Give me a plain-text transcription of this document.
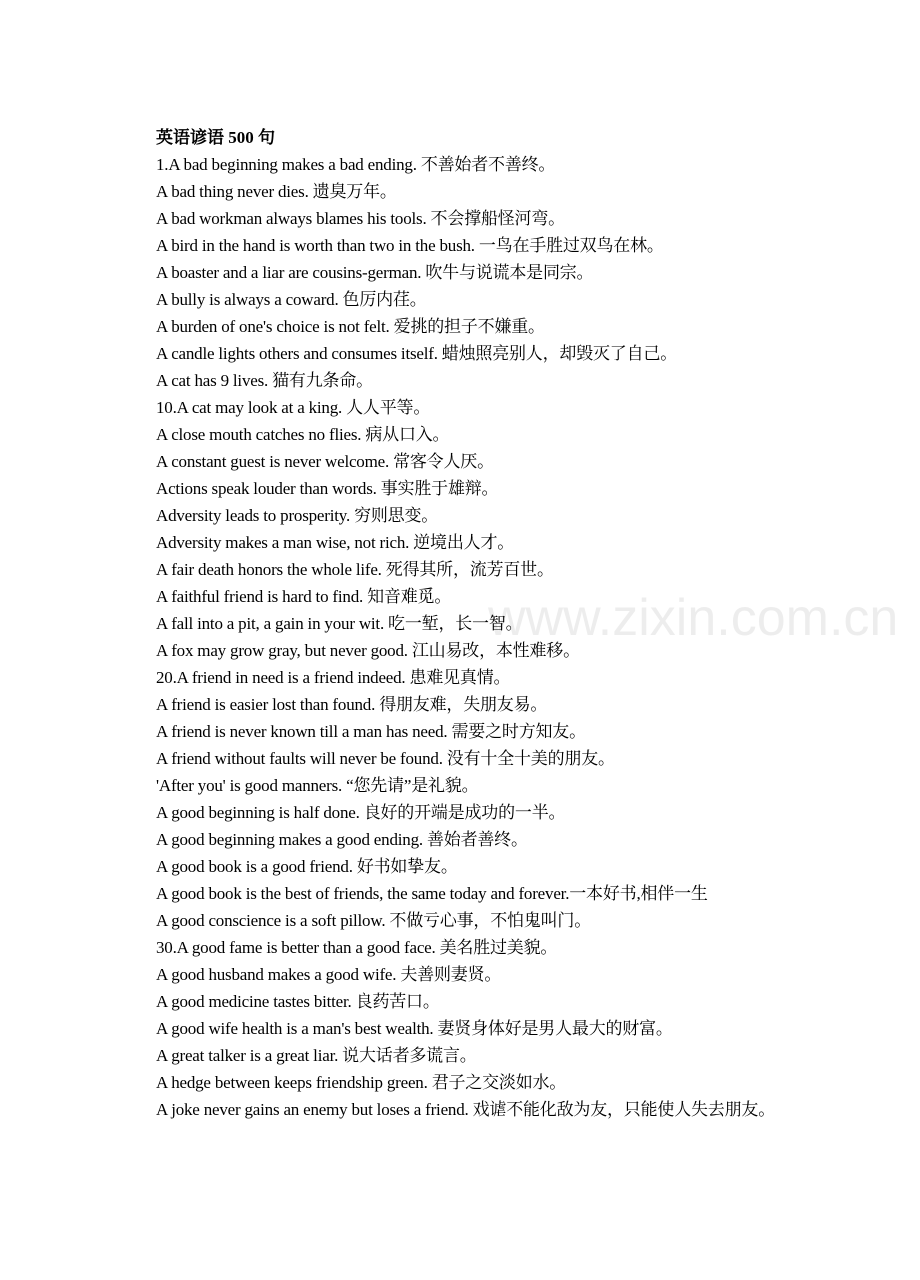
www.zixin.com.cn
英语谚语 500 句
1.A bad beginning makes a bad ending. 不善始者不善终。
A bad thing never dies. 遗臭万年。
A bad workman always blames his tools. 不会撑船怪河弯。
A bird in the hand is worth than two in the bush. 一鸟在手胜过双鸟在林。
A boaster and a liar are cousins-german. 吹牛与说谎本是同宗。
A bully is always a coward. 色厉内荏。
A burden of one's choice is not felt. 爱挑的担子不嫌重。
A candle lights others and consumes itself. 蜡烛照亮别人，却毁灭了自己。
A cat has 9 lives. 猫有九条命。
10.A cat may look at a king. 人人平等。
A close mouth catches no flies. 病从口入。
A constant guest is never welcome. 常客令人厌。
Actions speak louder than words. 事实胜于雄辩。
Adversity leads to prosperity. 穷则思变。
Adversity makes a man wise, not rich. 逆境出人才。
A fair death honors the whole life. 死得其所，流芳百世。
A faithful friend is hard to find. 知音难觅。
A fall into a pit, a gain in your wit. 吃一堑，长一智。
A fox may grow gray, but never good. 江山易改，本性难移。
20.A friend in need is a friend indeed. 患难见真情。
A friend is easier lost than found. 得朋友难，失朋友易。
A friend is never known till a man has need. 需要之时方知友。
A friend without faults will never be found. 没有十全十美的朋友。
'After you' is good manners. “您先请”是礼貌。
A good beginning is half done. 良好的开端是成功的一半。
A good beginning makes a good ending. 善始者善终。
A good book is a good friend. 好书如挚友。
A good book is the best of friends, the same today and forever.一本好书,相伴一生
A good conscience is a soft pillow. 不做亏心事，不怕鬼叫门。
30.A good fame is better than a good face. 美名胜过美貌。
A good husband makes a good wife. 夫善则妻贤。
A good medicine tastes bitter. 良药苦口。
A good wife health is a man's best wealth. 妻贤身体好是男人最大的财富。
A great talker is a great liar. 说大话者多谎言。
A hedge between keeps friendship green. 君子之交淡如水。
A joke never gains an enemy but loses a friend. 戏谑不能化敌为友，只能使人失去朋友。
